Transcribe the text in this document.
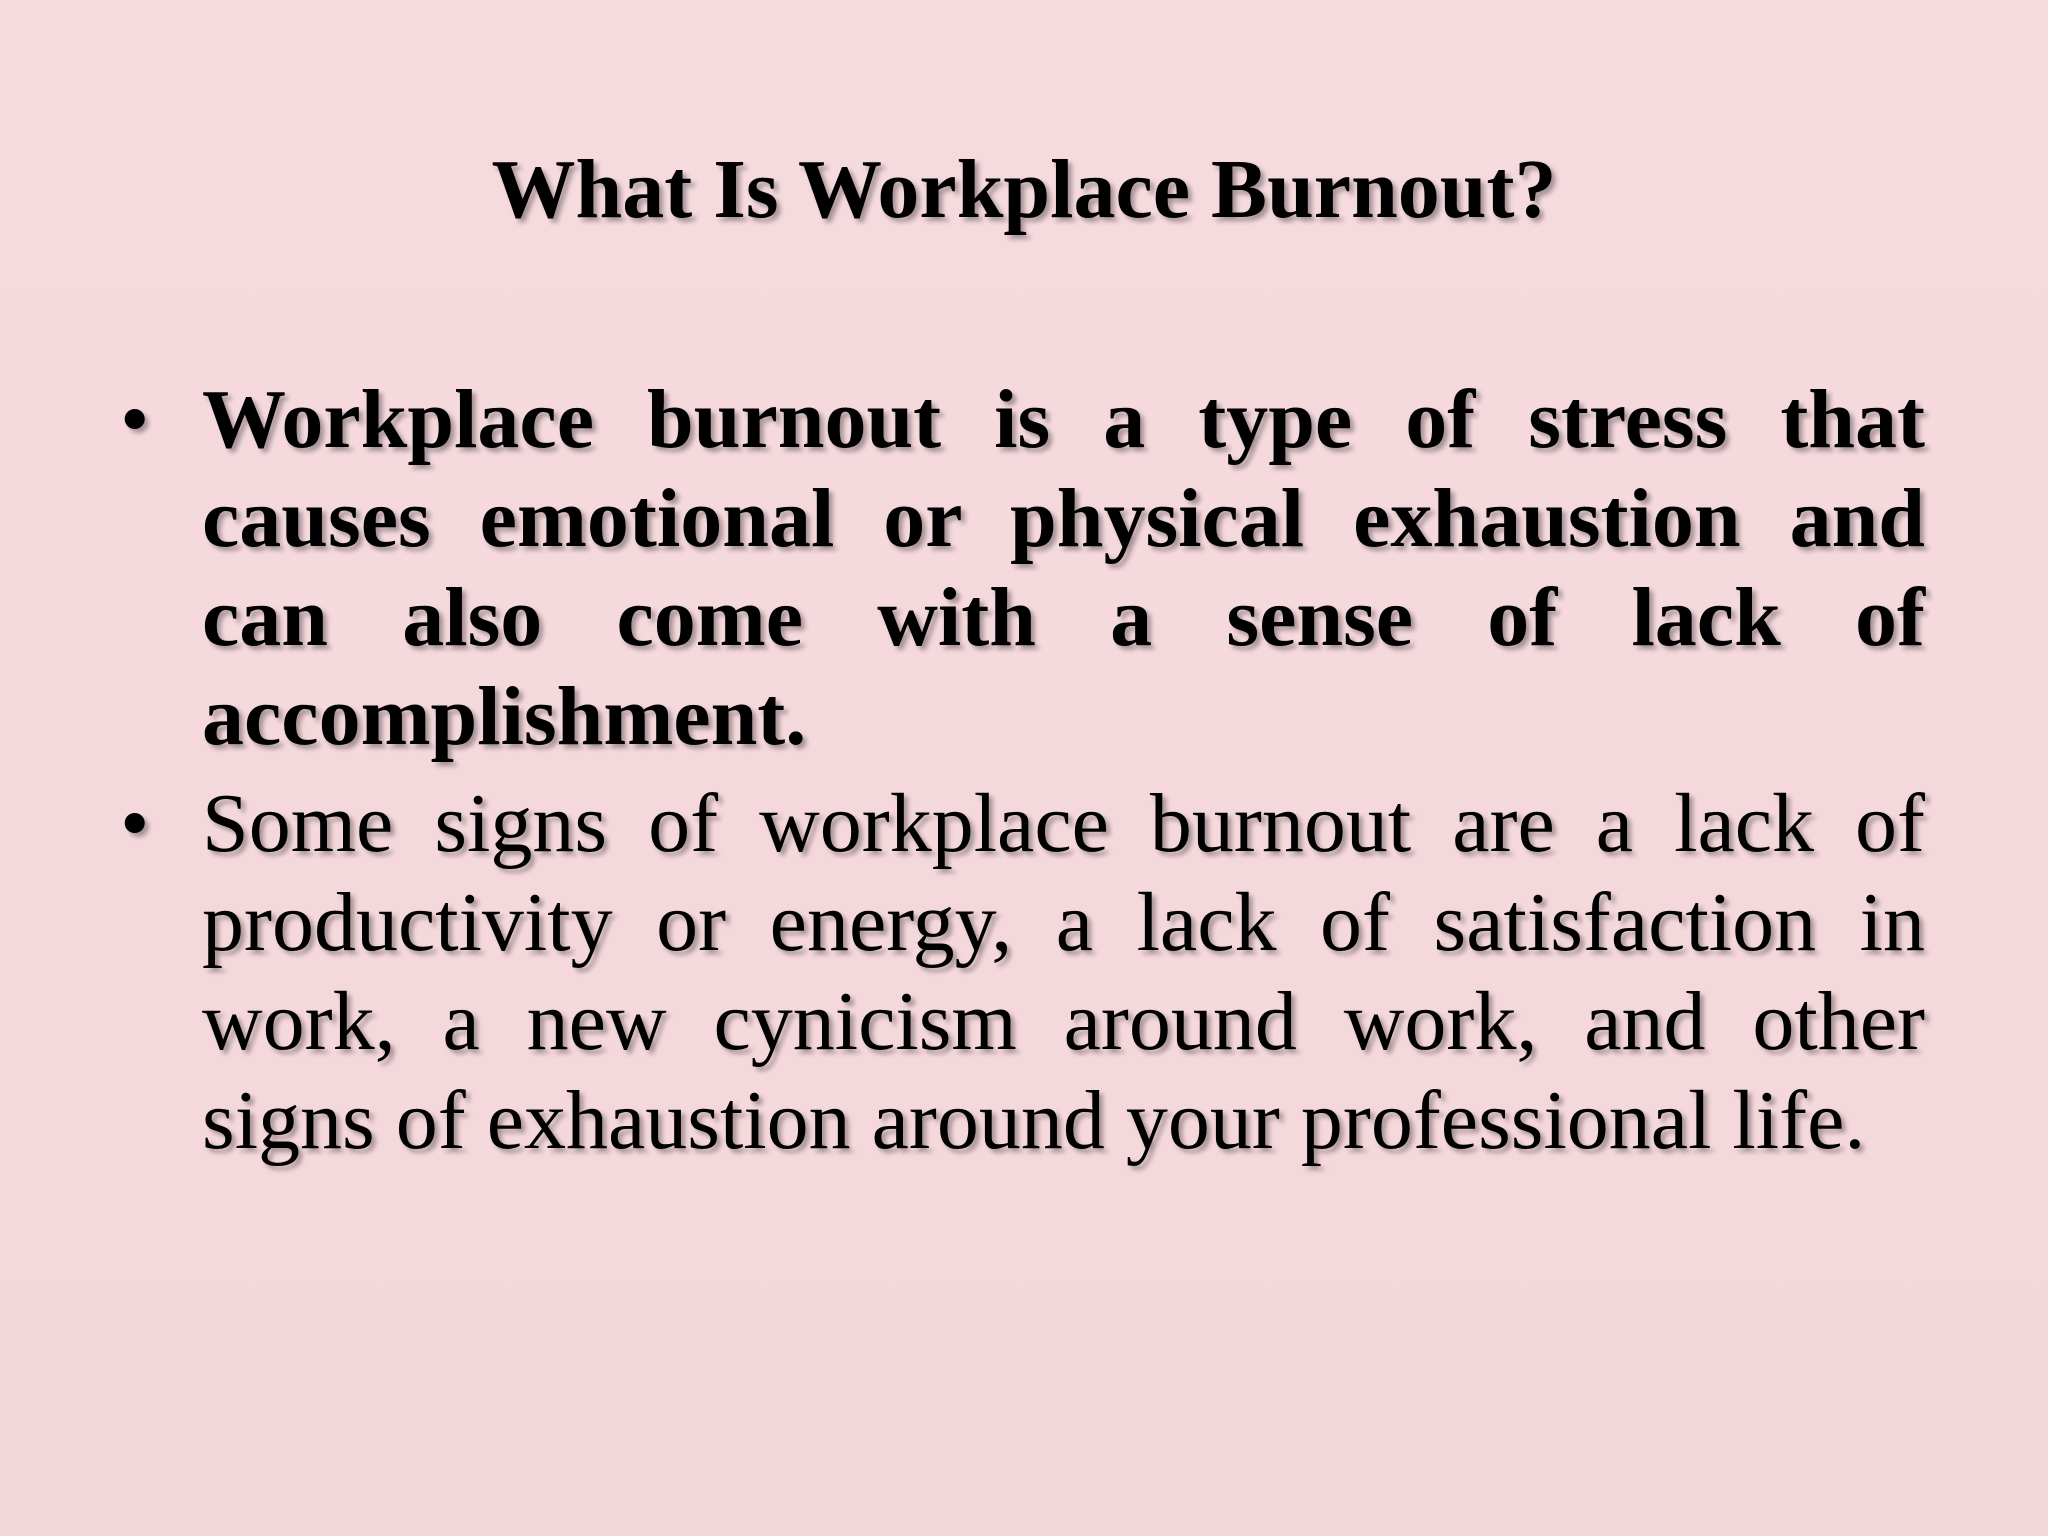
What Is Workplace Burnout?
• Workplace burnout is a type of stress that causes emotional or physical exhaustion and can also come with a sense of lack of accomplishment.
• Some signs of workplace burnout are a lack of productivity or energy, a lack of satisfaction in work, a new cynicism around work, and other signs of exhaustion around your professional life.
